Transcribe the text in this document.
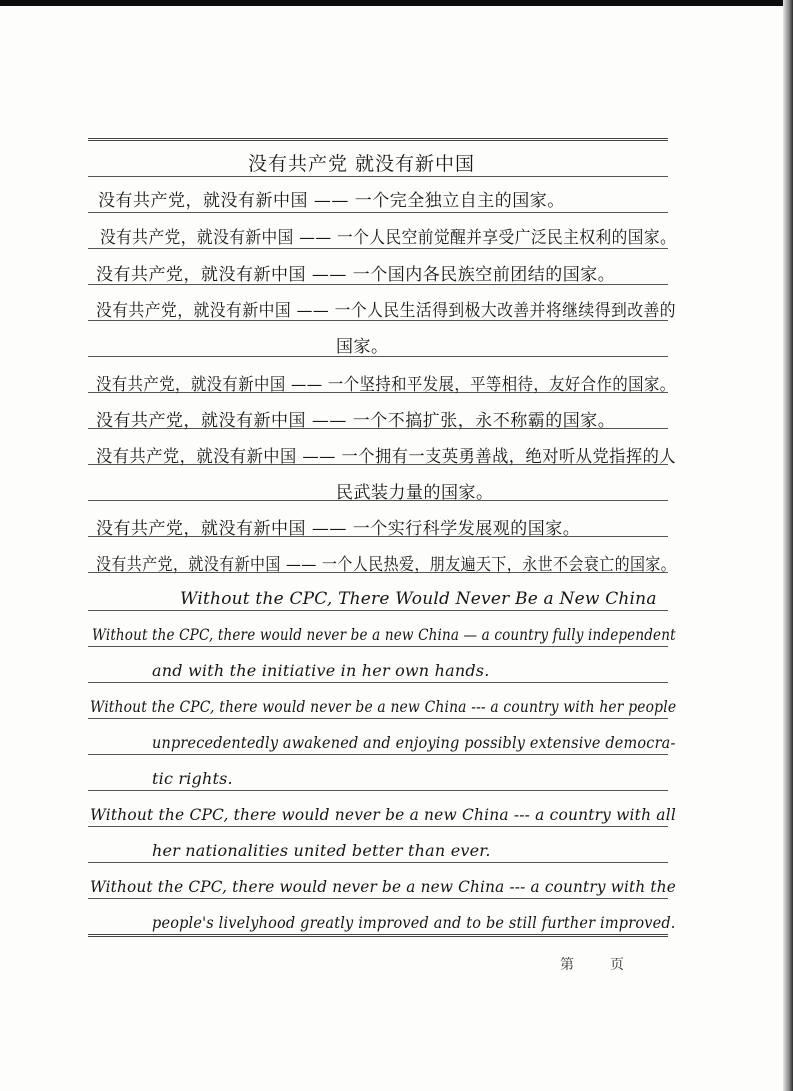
没有共产党 就没有新中国
没有共产党，就没有新中国 —— 一个完全独立自主的国家。
没有共产党，就没有新中国 —— 一个人民空前觉醒并享受广泛民主权利的国家。
没有共产党，就没有新中国 —— 一个国内各民族空前团结的国家。
没有共产党，就没有新中国 —— 一个人民生活得到极大改善并将继续得到改善的
国家。
没有共产党，就没有新中国 —— 一个坚持和平发展，平等相待，友好合作的国家。
没有共产党，就没有新中国 —— 一个不搞扩张，永不称霸的国家。
没有共产党，就没有新中国 —— 一个拥有一支英勇善战，绝对听从党指挥的人
民武装力量的国家。
没有共产党，就没有新中国 —— 一个实行科学发展观的国家。
没有共产党，就没有新中国 —— 一个人民热爱，朋友遍天下，永世不会衰亡的国家。
Without the CPC, There Would Never Be a New China
Without the CPC, there would never be a new China — a country fully independent
and with the initiative in her own hands.
Without the CPC, there would never be a new China --- a country with her people
unprecedentedly awakened and enjoying possibly extensive democra-
tic rights.
Without the CPC, there would never be a new China --- a country with all
her nationalities united better than ever.
Without the CPC, there would never be a new China --- a country with the
people's livelyhood greatly improved and to be still further improved.
第	页
